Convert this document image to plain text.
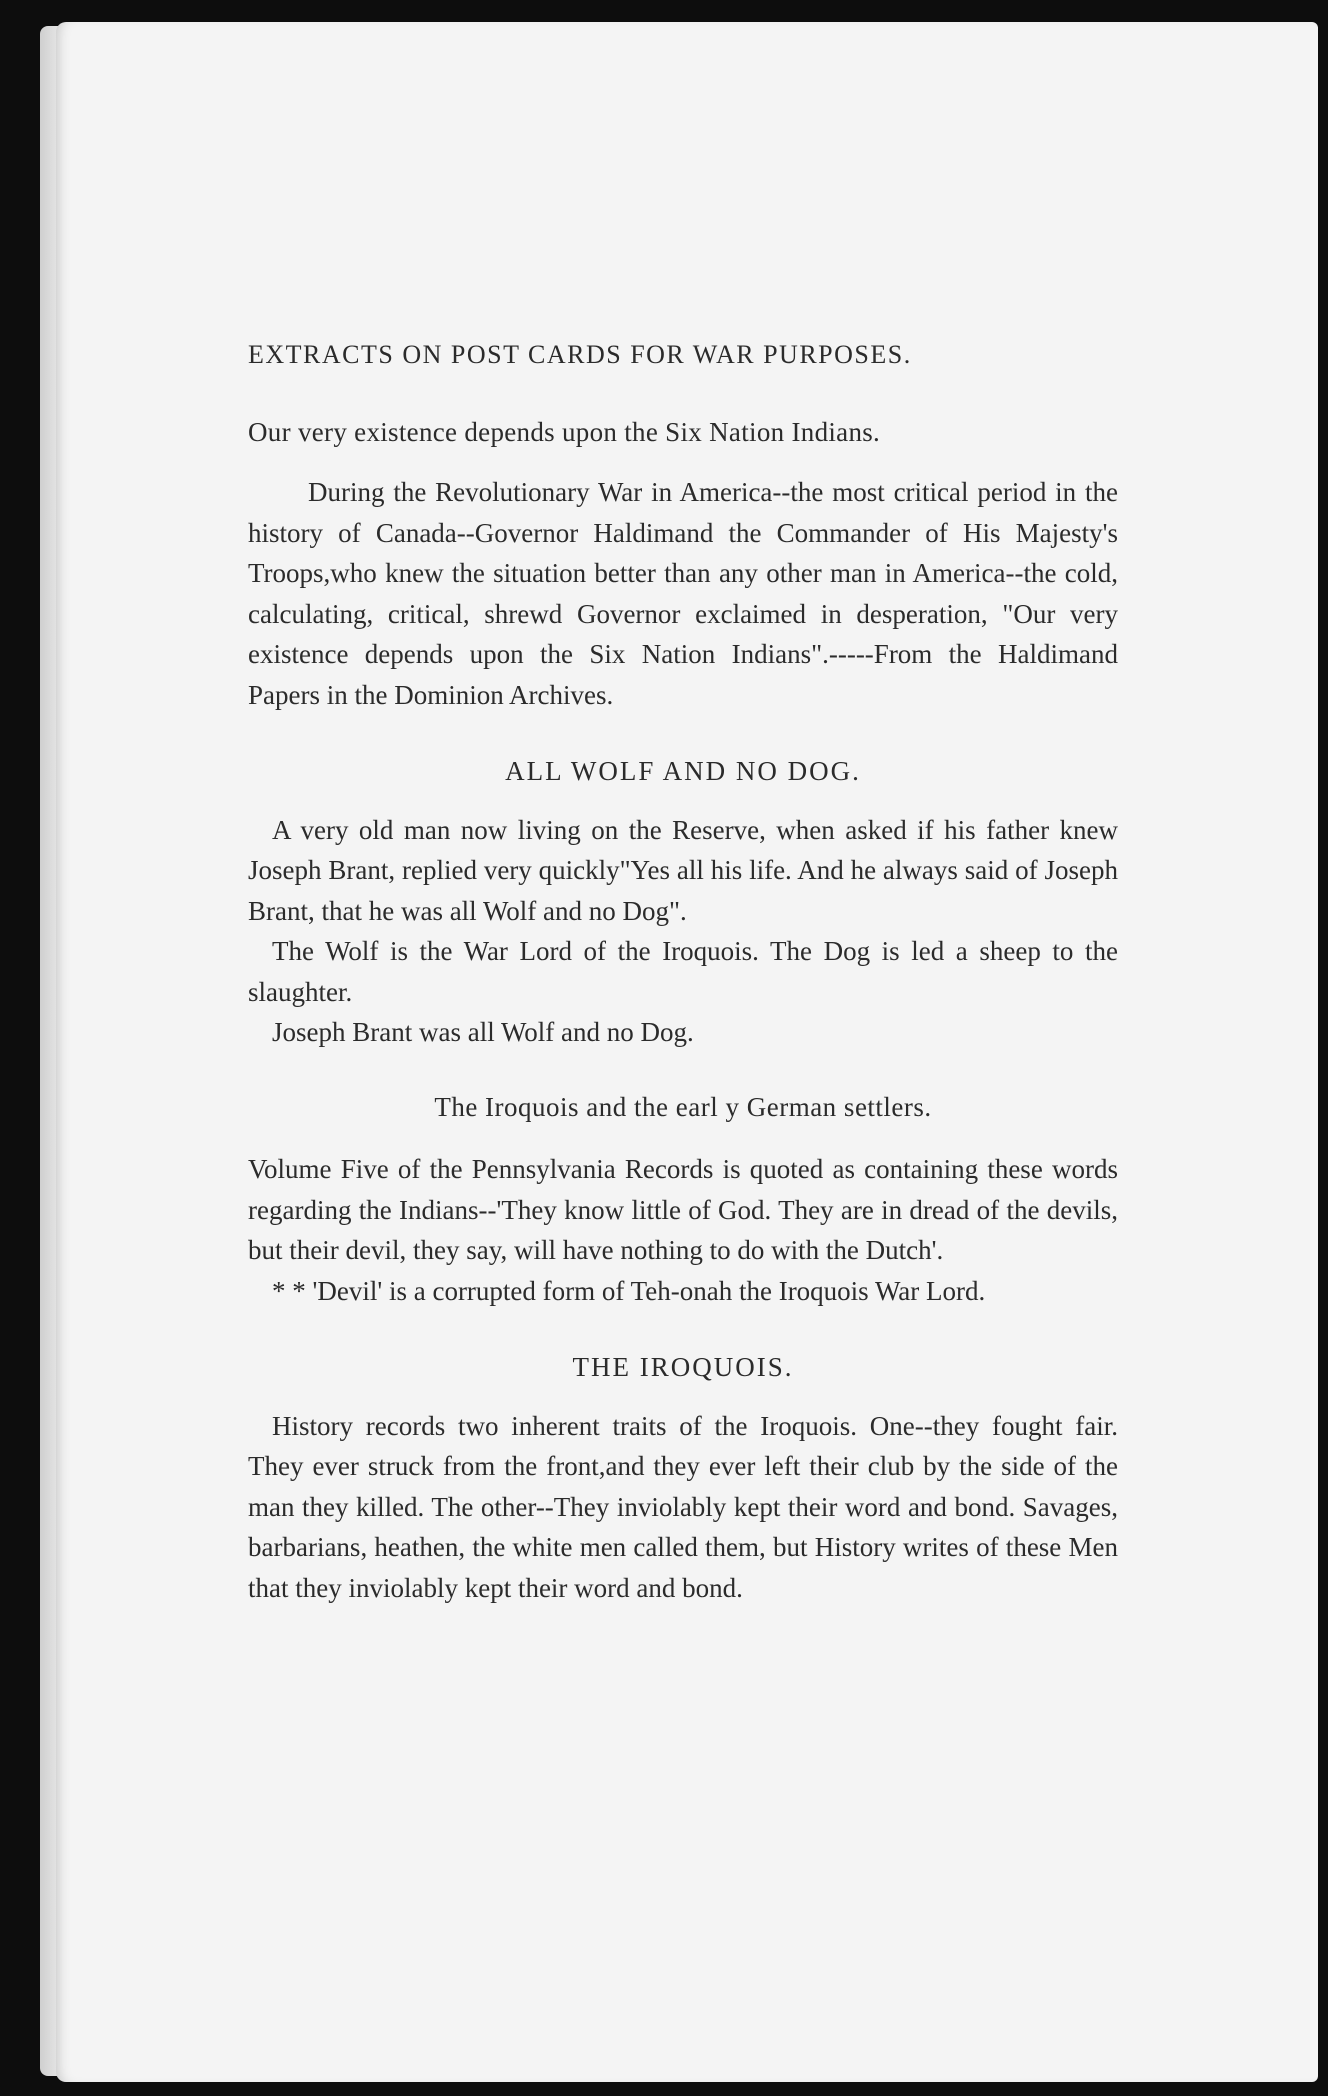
EXTRACTS ON POST CARDS FOR WAR PURPOSES.

Our very existence depends upon the Six Nation Indians.

During the Revolutionary War in America--the most critical period in the history of Canada--Governor Haldimand the Commander of His Majesty's Troops,who knew the situation better than any other man in America--the cold, calculating, critical, shrewd Governor exclaimed in desperation, "Our very existence depends upon the Six Nation Indians".-----From the Haldimand Papers in the Dominion Archives.

ALL WOLF AND NO DOG.

A very old man now living on the Reserve, when asked if his father knew Joseph Brant, replied very quickly"Yes all his life. And he always said of Joseph Brant, that he was all Wolf and no Dog".

The Wolf is the War Lord of the Iroquois. The Dog is led a sheep to the slaughter.

Joseph Brant was all Wolf and no Dog.

The Iroquois and the earl y German settlers.

Volume Five of the Pennsylvania Records is quoted as containing these words regarding the Indians--'They know little of God. They are in dread of the devils, but their devil, they say, will have nothing to do with the Dutch'.

* * 'Devil' is a corrupted form of Teh-onah the Iroquois War Lord.

THE IROQUOIS.

History records two inherent traits of the Iroquois. One--they fought fair. They ever struck from the front,and they ever left their club by the side of the man they killed. The other--They inviolably kept their word and bond. Savages, barbarians, heathen, the white men called them, but History writes of these Men that they inviolably kept their word and bond.
